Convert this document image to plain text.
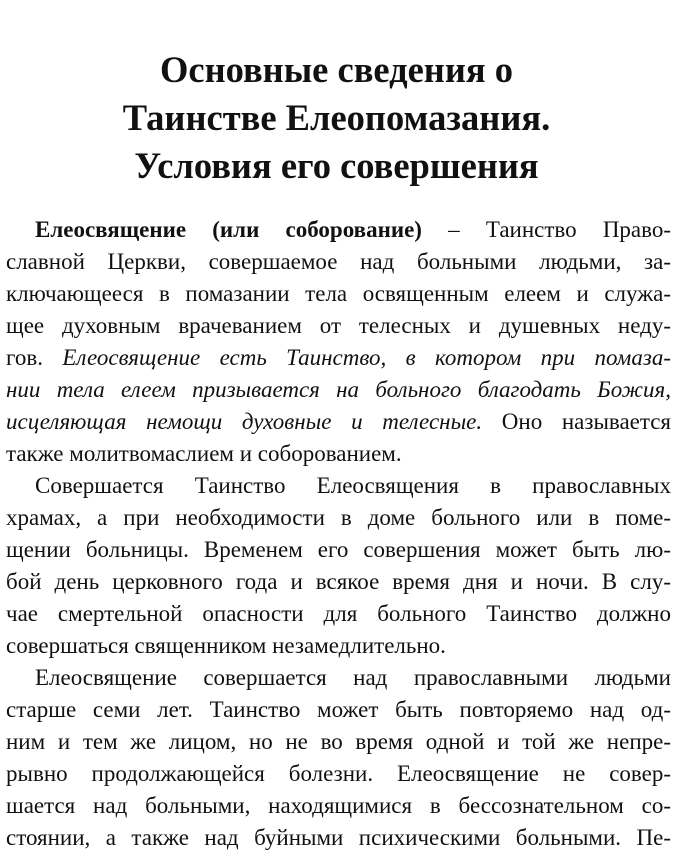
Основные сведения о
Таинстве Елеопомазания.
Условия его совершения
Елеосвящение (или соборование) – Таинство Право-
славной Церкви, совершаемое над больными людьми, за-
ключающееся в помазании тела освященным елеем и служа-
щее духовным врачеванием от телесных и душевных неду-
гов. Елеосвящение есть Таинство, в котором при помаза-
нии тела елеем призывается на больного благодать Божия,
исцеляющая немощи духовные и телесные. Оно называется
также молитвомаслием и соборованием.
Совершается Таинство Елеосвящения в православных
храмах, а при необходимости в доме больного или в поме-
щении больницы. Временем его совершения может быть лю-
бой день церковного года и всякое время дня и ночи. В слу-
чае смертельной опасности для больного Таинство должно
совершаться священником незамедлительно.
Елеосвящение совершается над православными людьми
старше семи лет. Таинство может быть повторяемо над од-
ним и тем же лицом, но не во время одной и той же непре-
рывно продолжающейся болезни. Елеосвящение не совер-
шается над больными, находящимися в бессознательном со-
стоянии, а также над буйными психическими больными. Пе-
